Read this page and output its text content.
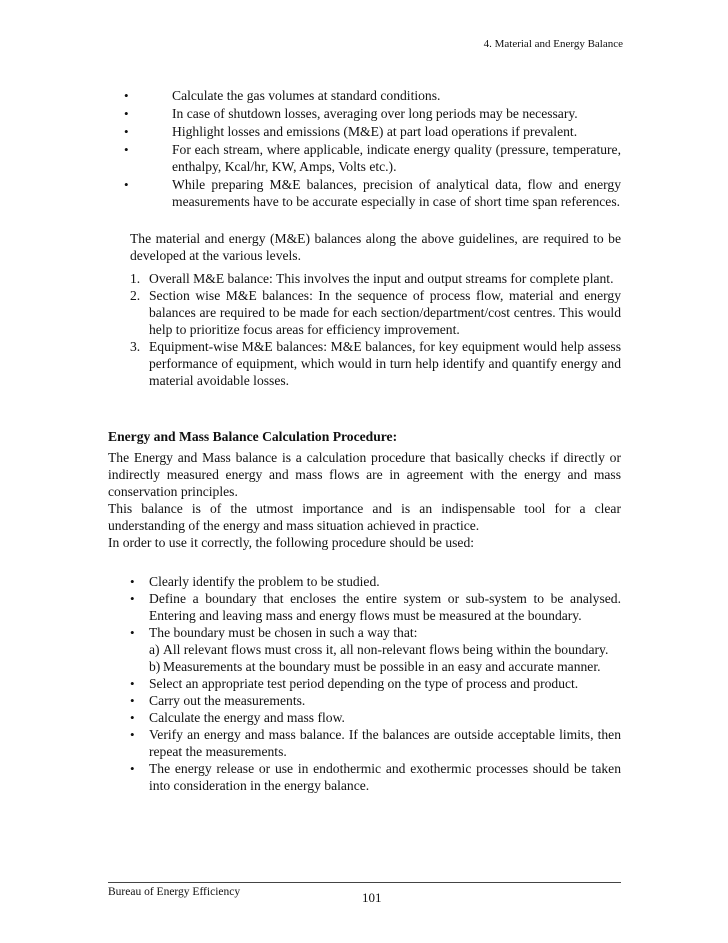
4. Material and Energy Balance
•	Calculate the gas volumes at standard conditions.
•	In case of shutdown losses, averaging over long periods may be necessary.
•	Highlight losses and emissions (M&E) at part load operations if prevalent.
•	For each stream, where applicable, indicate energy quality (pressure, temperature, enthalpy, Kcal/hr, KW, Amps, Volts etc.).
•	While preparing M&E balances, precision of analytical data, flow and energy measurements have to be accurate especially in case of short time span references.
The material and energy (M&E) balances along the above guidelines, are required to be developed at the various levels.
1. Overall M&E balance: This involves the input and output streams for complete plant.
2. Section wise M&E balances: In the sequence of process flow, material and energy balances are required to be made for each section/department/cost centres. This would help to prioritize focus areas for efficiency improvement.
3. Equipment-wise M&E balances: M&E balances, for key equipment would help assess performance of equipment, which would in turn help identify and quantify energy and material avoidable losses.
Energy and Mass Balance Calculation Procedure:
The Energy and Mass balance is a calculation procedure that basically checks if directly or indirectly measured energy and mass flows are in agreement with the energy and mass conservation principles.
This balance is of the utmost importance and is an indispensable tool for a clear understanding of the energy and mass situation achieved in practice.
In order to use it correctly, the following procedure should be used:
•	Clearly identify the problem to be studied.
•	Define a boundary that encloses the entire system or sub-system to be analysed. Entering and leaving mass and energy flows must be measured at the boundary.
•	The boundary must be chosen in such a way that:
a) All relevant flows must cross it, all non-relevant flows being within the boundary.
b) Measurements at the boundary must be possible in an easy and accurate manner.
•	Select an appropriate test period depending on the type of process and product.
•	Carry out the measurements.
•	Calculate the energy and mass flow.
•	Verify an energy and mass balance. If the balances are outside acceptable limits, then repeat the measurements.
•	The energy release or use in endothermic and exothermic processes should be taken into consideration in the energy balance.
Bureau of Energy Efficiency	101
